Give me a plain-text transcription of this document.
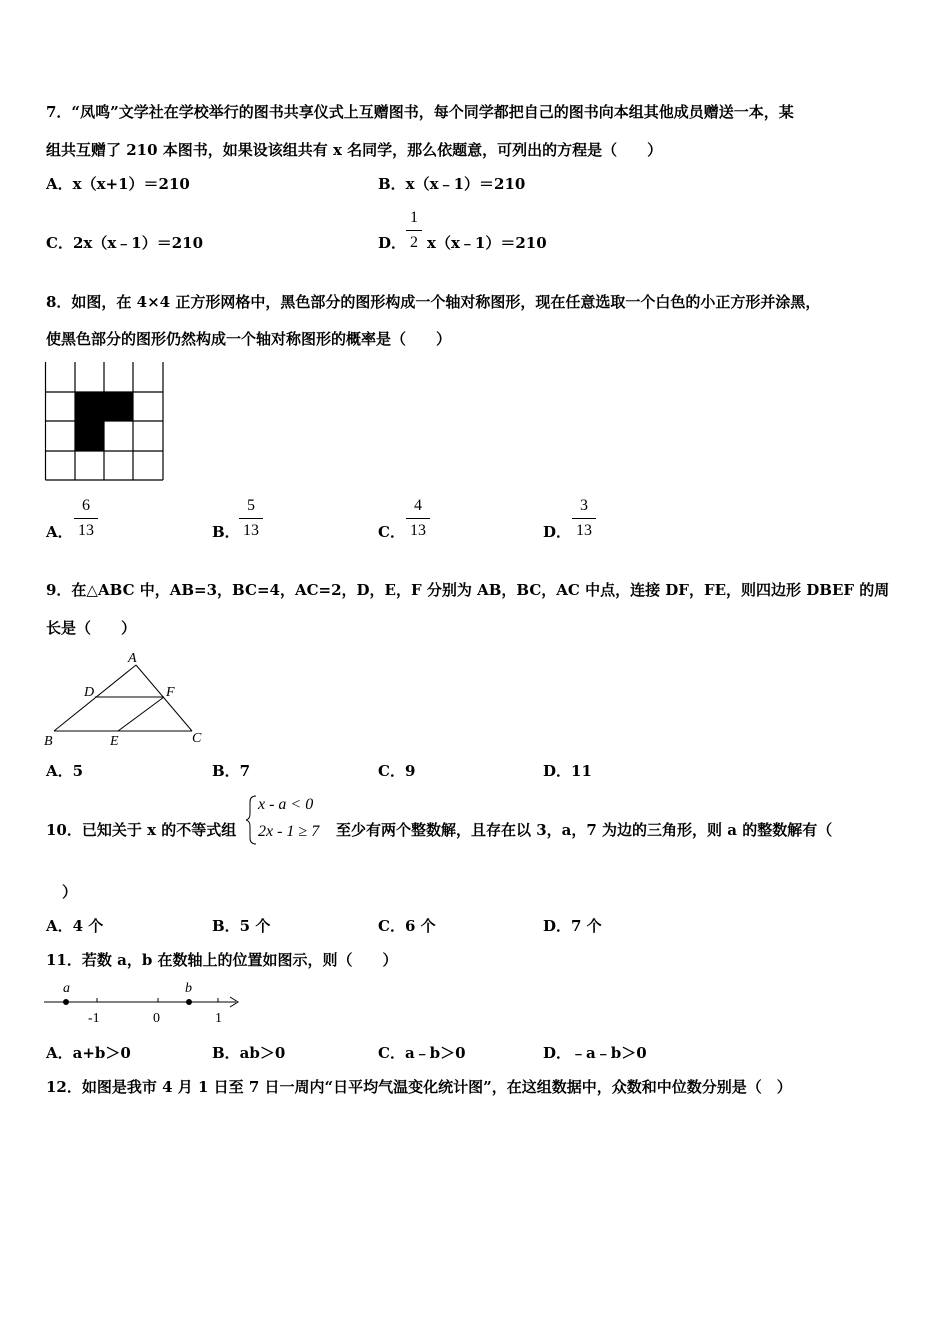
7．“凤鸣”文学社在学校举行的图书共享仪式上互赠图书，每个同学都把自己的图书向本组其他成员赠送一本，某
组共互赠了 210 本图书，如果设该组共有 x 名同学，那么依题意，可列出的方程是（　　）
A．x（x+1）＝210	B．x（x﹣1）＝210
C．2x（x﹣1）＝210	D．
1
2 x（x﹣1）＝210
8．如图，在 4×4 正方形网格中，黑色部分的图形构成一个轴对称图形，现在任意选取一个白色的小正方形并涂黑，
使黑色部分的图形仍然构成一个轴对称图形的概率是（　　）
A．
6
13	B．
5
13	C．
4
13	D．
3
13
9．在△ABC 中，AB=3，BC=4，AC=2，D，E，F 分别为 AB，BC，AC 中点，连接 DF，FE，则四边形 DBEF 的周
长是（　　）
A
D	F
B	E	C
A．5	B．7	C．9	D．11
10．已知关于 x 的不等式组
x - a < 0
2x - 1 ≥ 7 至少有两个整数解，且存在以 3，a，7 为边的三角形，则 a 的整数解有（
）
A．4 个	B．5 个	C．6 个	D．7 个
11．若数 a，b 在数轴上的位置如图示，则（　　）
a	b
-1	0	1
A．a+b＞0	B．ab＞0	C．a﹣b＞0	D．﹣a﹣b＞0
12．如图是我市 4 月 1 日至 7 日一周内“日平均气温变化统计图”，在这组数据中，众数和中位数分别是（　）
